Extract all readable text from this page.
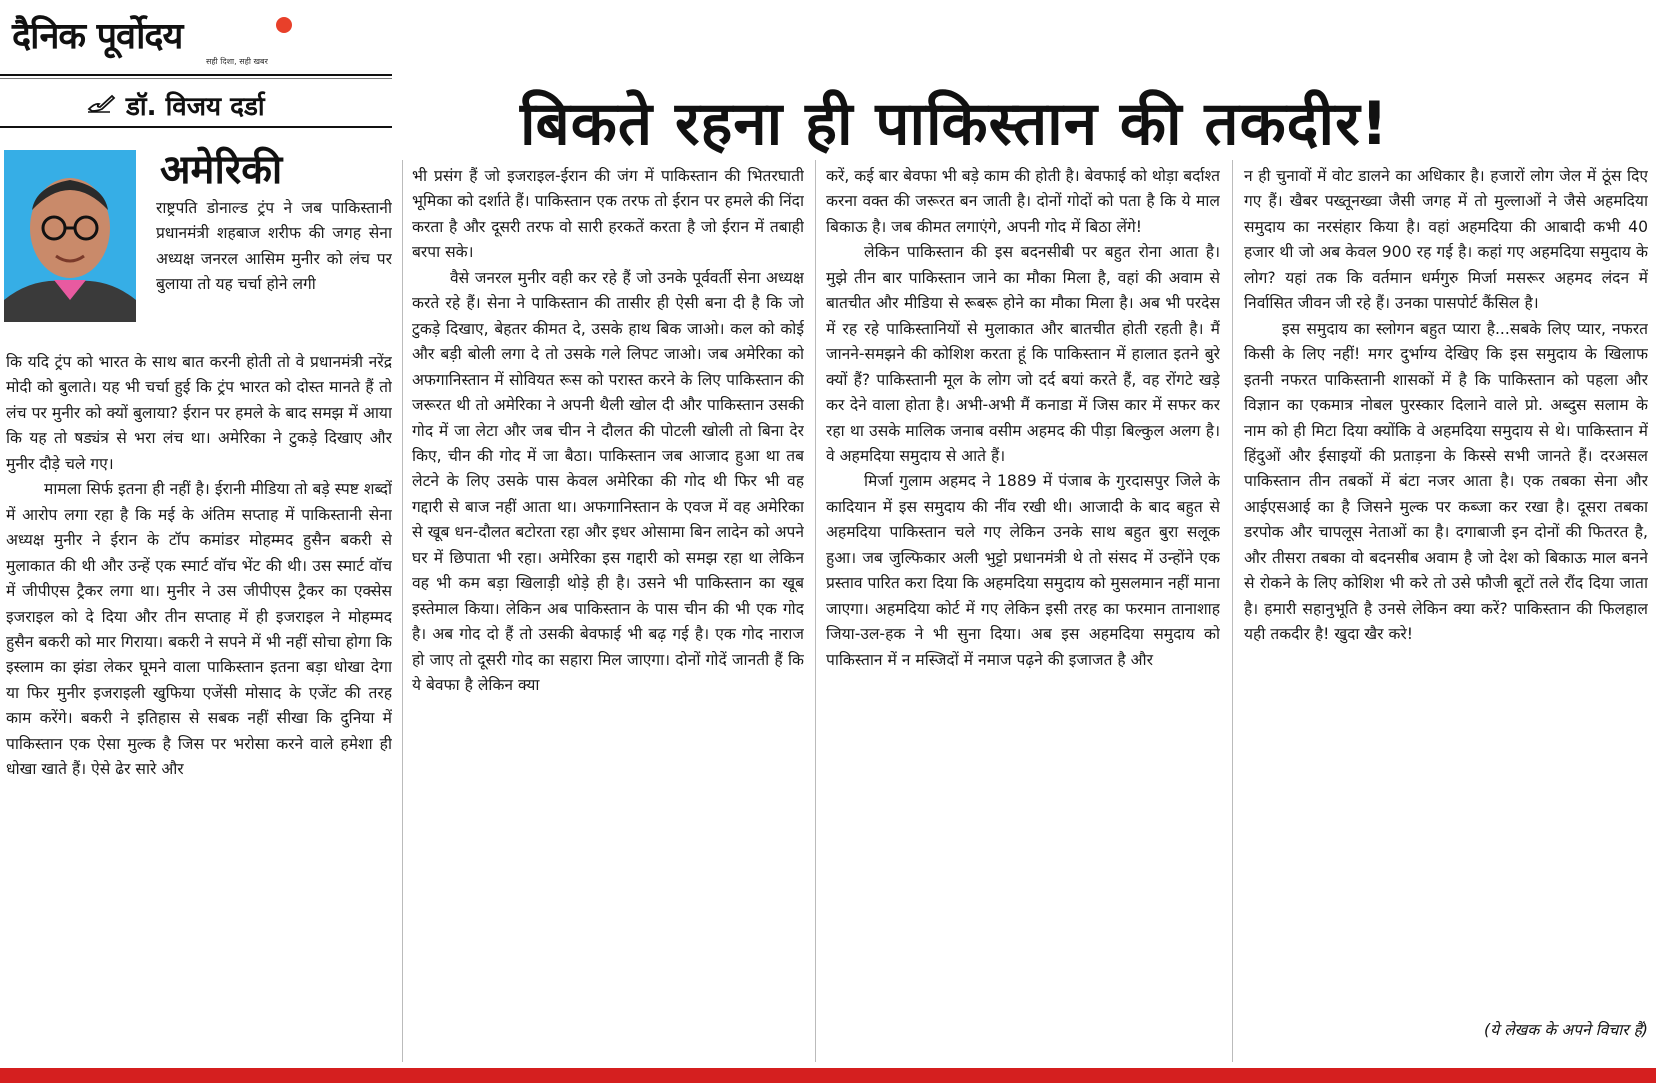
दैनिक पूर्वोदय
सही दिशा, सही खबर
डॉ. विजय दर्डा	बिकते रहना ही पाकिस्तान की तकदीर!
अमेरिकी

राष्ट्रपति डोनाल्ड ट्रंप ने जब पाकिस्तानी प्रधानमंत्री शहबाज शरीफ की जगह सेना अध्यक्ष जनरल आसिम मुनीर को लंच पर बुलाया तो यह चर्चा होने लगी

कि यदि ट्रंप को भारत के साथ बात करनी होती तो वे प्रधानमंत्री नरेंद्र मोदी को बुलाते। यह भी चर्चा हुई कि ट्रंप भारत को दोस्त मानते हैं तो लंच पर मुनीर को क्यों बुलाया? ईरान पर हमले के बाद समझ में आया कि यह तो षड्यंत्र से भरा लंच था। अमेरिका ने टुकड़े दिखाए और मुनीर दौड़े चले गए।

मामला सिर्फ इतना ही नहीं है। ईरानी मीडिया तो बड़े स्पष्ट शब्दों में आरोप लगा रहा है कि मई के अंतिम सप्ताह में पाकिस्तानी सेना अध्यक्ष मुनीर ने ईरान के टॉप कमांडर मोहम्मद हुसैन बकरी से मुलाकात की थी और उन्हें एक स्मार्ट वॉच भेंट की थी। उस स्मार्ट वॉच में जीपीएस ट्रैकर लगा था। मुनीर ने उस जीपीएस ट्रैकर का एक्सेस इजराइल को दे दिया और तीन सप्ताह में ही इजराइल ने मोहम्मद हुसैन बकरी को मार गिराया। बकरी ने सपने में भी नहीं सोचा होगा कि इस्लाम का झंडा लेकर घूमने वाला पाकिस्तान इतना बड़ा धोखा देगा या फिर मुनीर इजराइली खुफिया एजेंसी मोसाद के एजेंट की तरह काम करेंगे। बकरी ने इतिहास से सबक नहीं सीखा कि दुनिया में पाकिस्तान एक ऐसा मुल्क है जिस पर भरोसा करने वाले हमेशा ही धोखा खाते हैं। ऐसे ढेर सारे और

भी प्रसंग हैं जो इजराइल-ईरान की जंग में पाकिस्तान की भितरघाती भूमिका को दर्शाते हैं। पाकिस्तान एक तरफ तो ईरान पर हमले की निंदा करता है और दूसरी तरफ वो सारी हरकतें करता है जो ईरान में तबाही बरपा सके।

वैसे जनरल मुनीर वही कर रहे हैं जो उनके पूर्ववर्ती सेना अध्यक्ष करते रहे हैं। सेना ने पाकिस्तान की तासीर ही ऐसी बना दी है कि जो टुकड़े दिखाए, बेहतर कीमत दे, उसके हाथ बिक जाओ। कल को कोई और बड़ी बोली लगा दे तो उसके गले लिपट जाओ। जब अमेरिका को अफगानिस्तान में सोवियत रूस को परास्त करने के लिए पाकिस्तान की जरूरत थी तो अमेरिका ने अपनी थैली खोल दी और पाकिस्तान उसकी गोद में जा लेटा और जब चीन ने दौलत की पोटली खोली तो बिना देर किए, चीन की गोद में जा बैठा। पाकिस्तान जब आजाद हुआ था तब लेटने के लिए उसके पास केवल अमेरिका की गोद थी फिर भी वह गद्दारी से बाज नहीं आता था। अफगानिस्तान के एवज में वह अमेरिका से खूब धन-दौलत बटोरता रहा और इधर ओसामा बिन लादेन को अपने घर में छिपाता भी रहा। अमेरिका इस गद्दारी को समझ रहा था लेकिन वह भी कम बड़ा खिलाड़ी थोड़े ही है। उसने भी पाकिस्तान का खूब इस्तेमाल किया। लेकिन अब पाकिस्तान के पास चीन की भी एक गोद है। अब गोद दो हैं तो उसकी बेवफाई भी बढ़ गई है। एक गोद नाराज हो जाए तो दूसरी गोद का सहारा मिल जाएगा। दोनों गोदें जानती हैं कि ये बेवफा है लेकिन क्या

करें, कई बार बेवफा भी बड़े काम की होती है। बेवफाई को थोड़ा बर्दाश्त करना वक्त की जरूरत बन जाती है। दोनों गोदों को पता है कि ये माल बिकाऊ है। जब कीमत लगाएंगे, अपनी गोद में बिठा लेंगे!

लेकिन पाकिस्तान की इस बदनसीबी पर बहुत रोना आता है। मुझे तीन बार पाकिस्तान जाने का मौका मिला है, वहां की अवाम से बातचीत और मीडिया से रूबरू होने का मौका मिला है। अब भी परदेस में रह रहे पाकिस्तानियों से मुलाकात और बातचीत होती रहती है। मैं जानने-समझने की कोशिश करता हूं कि पाकिस्तान में हालात इतने बुरे क्यों हैं? पाकिस्तानी मूल के लोग जो दर्द बयां करते हैं, वह रोंगटे खड़े कर देने वाला होता है। अभी-अभी मैं कनाडा में जिस कार में सफर कर रहा था उसके मालिक जनाब वसीम अहमद की पीड़ा बिल्कुल अलग है। वे अहमदिया समुदाय से आते हैं।

मिर्जा गुलाम अहमद ने 1889 में पंजाब के गुरदासपुर जिले के कादियान में इस समुदाय की नींव रखी थी। आजादी के बाद बहुत से अहमदिया पाकिस्तान चले गए लेकिन उनके साथ बहुत बुरा सलूक हुआ। जब जुल्फिकार अली भुट्टो प्रधानमंत्री थे तो संसद में उन्होंने एक प्रस्ताव पारित करा दिया कि अहमदिया समुदाय को मुसलमान नहीं माना जाएगा। अहमदिया कोर्ट में गए लेकिन इसी तरह का फरमान तानाशाह जिया-उल-हक ने भी सुना दिया। अब इस अहमदिया समुदाय को पाकिस्तान में न मस्जिदों में नमाज पढ़ने की इजाजत है और

न ही चुनावों में वोट डालने का अधिकार है। हजारों लोग जेल में ठूंस दिए गए हैं। खैबर पख्तूनख्वा जैसी जगह में तो मुल्लाओं ने जैसे अहमदिया समुदाय का नरसंहार किया है। वहां अहमदिया की आबादी कभी 40 हजार थी जो अब केवल 900 रह गई है। कहां गए अहमदिया समुदाय के लोग? यहां तक कि वर्तमान धर्मगुरु मिर्जा मसरूर अहमद लंदन में निर्वासित जीवन जी रहे हैं। उनका पासपोर्ट कैंसिल है।

इस समुदाय का स्लोगन बहुत प्यारा है...सबके लिए प्यार, नफरत किसी के लिए नहीं! मगर दुर्भाग्य देखिए कि इस समुदाय के खिलाफ इतनी नफरत पाकिस्तानी शासकों में है कि पाकिस्तान को पहला और विज्ञान का एकमात्र नोबल पुरस्कार दिलाने वाले प्रो. अब्दुस सलाम के नाम को ही मिटा दिया क्योंकि वे अहमदिया समुदाय से थे। पाकिस्तान में हिंदुओं और ईसाइयों की प्रताड़ना के किस्से सभी जानते हैं। दरअसल पाकिस्तान तीन तबकों में बंटा नजर आता है। एक तबका सेना और आईएसआई का है जिसने मुल्क पर कब्जा कर रखा है। दूसरा तबका डरपोक और चापलूस नेताओं का है। दगाबाजी इन दोनों की फितरत है, और तीसरा तबका वो बदनसीब अवाम है जो देश को बिकाऊ माल बनने से रोकने के लिए कोशिश भी करे तो उसे फौजी बूटों तले रौंद दिया जाता है। हमारी सहानुभूति है उनसे लेकिन क्या करें? पाकिस्तान की फिलहाल यही तकदीर है! खुदा खैर करे!

(ये लेखक के अपने विचार हैं)
